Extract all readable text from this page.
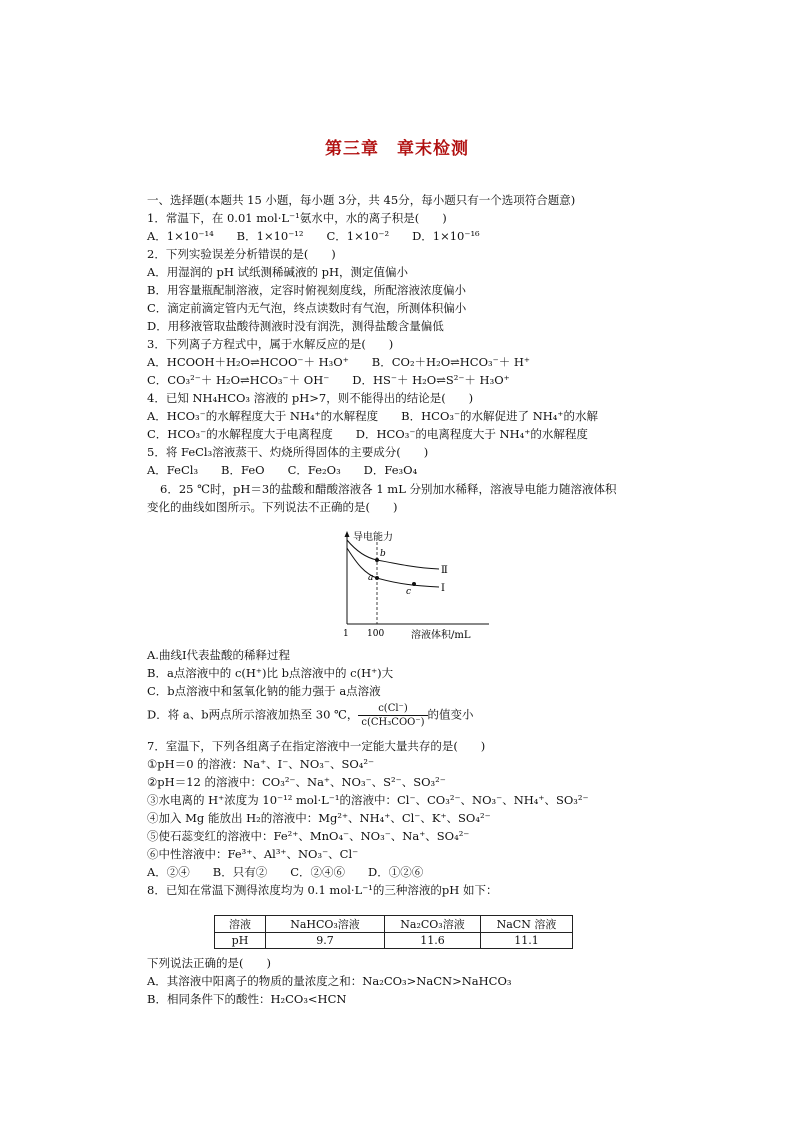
第三章　章末检测
一、选择题(本题共 15 小题，每小题 3分，共 45分，每小题只有一个选项符合题意)
1．常温下，在 0.01 mol·L⁻¹氨水中，水的离子积是(　　)
A．1×10⁻¹⁴　　B．1×10⁻¹²　　C．1×10⁻²　　D．1×10⁻¹⁶
2．下列实验误差分析错误的是(　　)
A．用湿润的 pH 试纸测稀碱液的 pH，测定值偏小
B．用容量瓶配制溶液，定容时俯视刻度线，所配溶液浓度偏小
C．滴定前滴定管内无气泡，终点读数时有气泡，所测体积偏小
D．用移液管取盐酸待测液时没有润洗，测得盐酸含量偏低
3．下列离子方程式中，属于水解反应的是(　　)
A．HCOOH＋H₂O⇌HCOO⁻＋ H₃O⁺　　B．CO₂＋H₂O⇌HCO₃⁻＋ H⁺
C．CO₃²⁻＋ H₂O⇌HCO₃⁻＋ OH⁻　　D．HS⁻＋ H₂O⇌S²⁻＋ H₃O⁺
4．已知 NH₄HCO₃ 溶液的 pH>7，则不能得出的结论是(　　)
A．HCO₃⁻的水解程度大于 NH₄⁺的水解程度　　B．HCO₃⁻的水解促进了 NH₄⁺的水解
C．HCO₃⁻的水解程度大于电离程度　　D．HCO₃⁻的电离程度大于 NH₄⁺的水解程度
5．将 FeCl₃溶液蒸干、灼烧所得固体的主要成分(　　)
A．FeCl₃　　B．FeO　　C．Fe₂O₃　　D．Fe₃O₄
6．25 ℃时，pH＝3的盐酸和醋酸溶液各 1 mL 分别加水稀释，溶液导电能力随溶液体积
变化的曲线如图所示。下列说法不正确的是(　　)
导电能力
b
a
c
Ⅱ
Ⅰ
1 100	溶液体积/mL
A.曲线Ⅰ代表盐酸的稀释过程
B．a点溶液中的 c(H⁺)比 b点溶液中的 c(H⁺)大
C．b点溶液中和氢氧化钠的能力强于 a点溶液
D．将 a、b两点所示溶液加热至 30 ℃， $\frac{c(Cl^-)}{\text{c(CH₃COO⁻)}}$ 的值变小
7．室温下，下列各组离子在指定溶液中一定能大量共存的是(　　)
①pH＝0 的溶液：Na⁺、I⁻、NO₃⁻、SO₄²⁻
②pH＝12 的溶液中：CO₃²⁻、Na⁺、NO₃⁻、S²⁻、SO₃²⁻
③水电离的 H⁺浓度为 10⁻¹² mol·L⁻¹的溶液中：Cl⁻、CO₃²⁻、NO₃⁻、NH₄⁺、SO₃²⁻
④加入 Mg 能放出 H₂的溶液中：Mg²⁺、NH₄⁺、Cl⁻、K⁺、SO₄²⁻
⑤使石蕊变红的溶液中：Fe²⁺、MnO₄⁻、NO₃⁻、Na⁺、SO₄²⁻
⑥中性溶液中：Fe³⁺、Al³⁺、NO₃⁻、Cl⁻
A．②④　　B．只有②　　C．②④⑥　　D．①②⑥
8．已知在常温下测得浓度均为 0.1 mol·L⁻¹的三种溶液的pH 如下：
溶液	NaHCO₃溶液	Na₂CO₃溶液	NaCN 溶液
pH	9.7	11.6	11.1
下列说法正确的是(　　)
A．其溶液中阳离子的物质的量浓度之和：Na₂CO₃>NaCN>NaHCO₃
B．相同条件下的酸性：H₂CO₃<HCN
